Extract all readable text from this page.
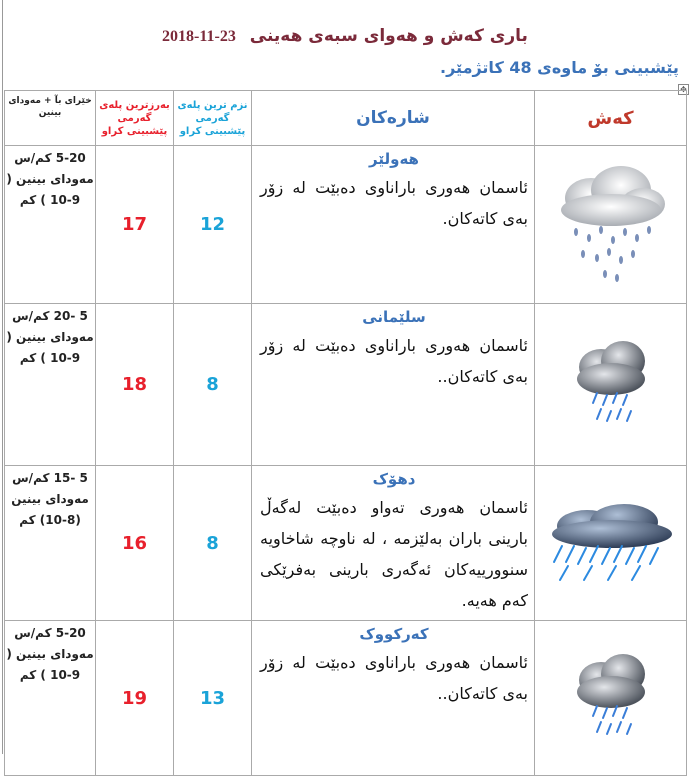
2018-11-23 باری کەش و هەوای سبەی هەینی
پێشبینی بۆ ماوەی 48 کاتژمێر.
✥
خێرای بآ + مەودای بينين	بەرزترین پلەی گەرمی پێشبینی کراو	نزم ترین پلەی گەرمی پێشبینی کراو	شارەکان	کەش
5-20 کم/س مەودای بينين ( 9-10 ) کم	17	12	هەولێر
ئاسمان هەوری باراناوی دەبێت لە زۆر بەی کاتەکان.

5 -20 کم/س مەودای بينين ( 9-10 ) کم	18	8	سلێمانی
ئاسمان هەوری باراناوی دەبێت لە زۆر بەی کاتەکان..

5 -15 کم/س مەودای بينين (8-10) کم	16	8	دهۆک
ئاسمان هەوری تەواو دەبێت لەگەڵ بارینی باران بەلێزمە ، لە ناوچە شاخاویە سنوورییەکان ئەگەری بارینی بەفرێکی کەم هەیە.

5-20 کم/س مەودای بينين ( 9-10 ) کم	19	13	کەرکووک
ئاسمان هەوری باراناوی دەبێت لە زۆر بەی کاتەکان..
